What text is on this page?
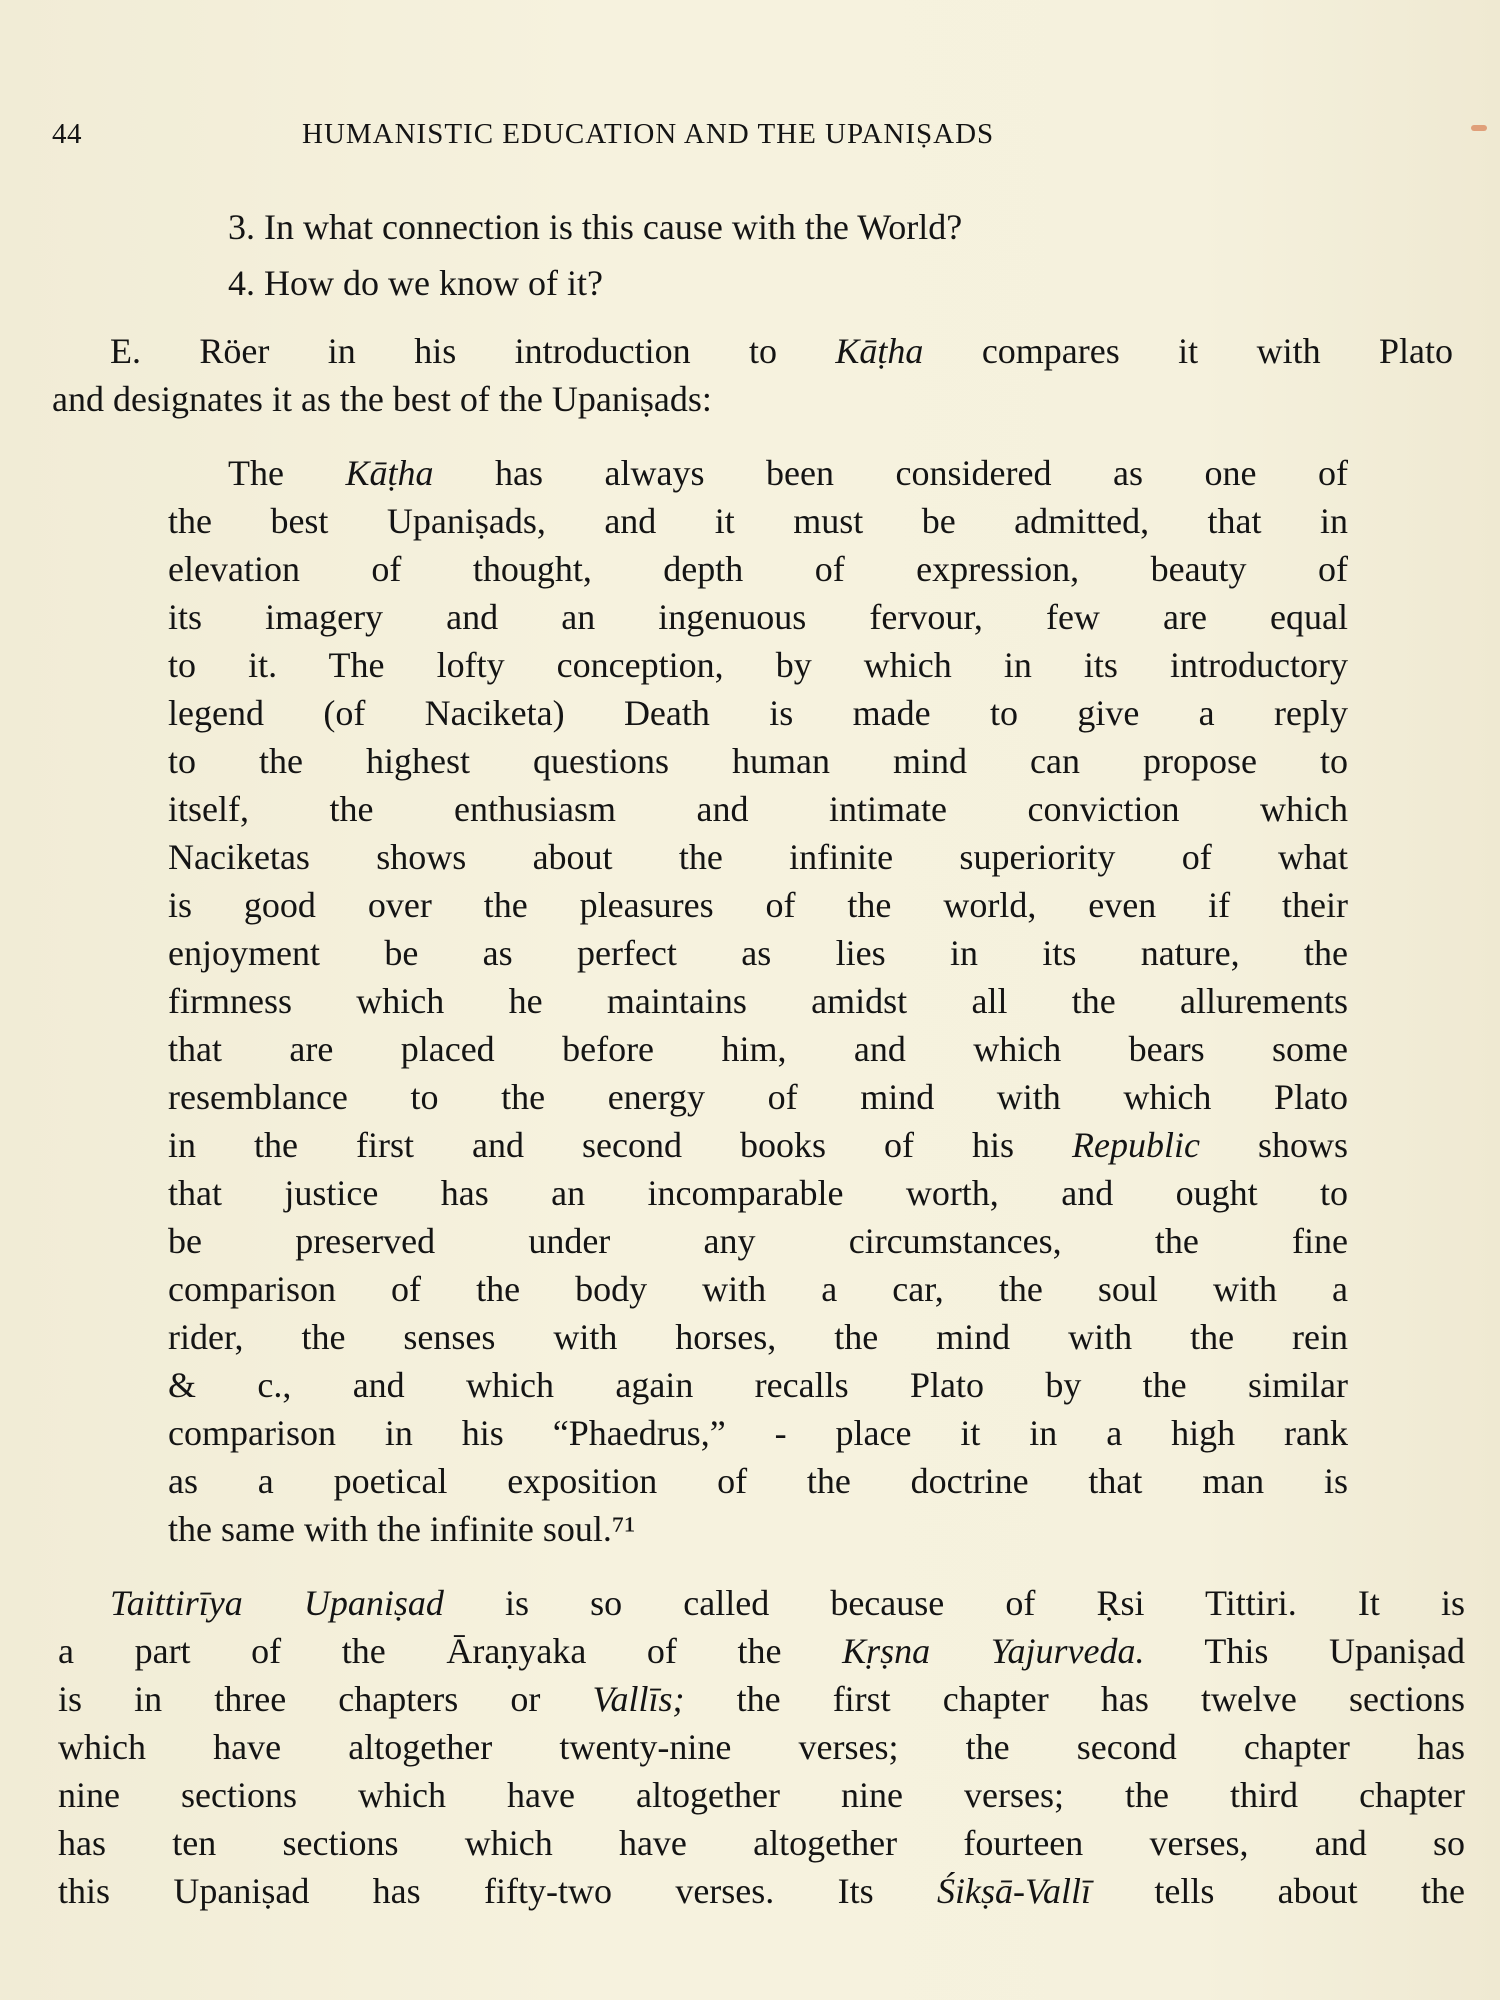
44	HUMANISTIC EDUCATION AND THE UPANIṢADS
3. In what connection is this cause with the World?
4. How do we know of it?
E. Röer in his introduction to Kāṭha compares it with Plato
and designates it as the best of the Upaniṣads:
The Kāṭha has always been considered as one of
the best Upaniṣads, and it must be admitted, that in
elevation of thought, depth of expression, beauty of
its imagery and an ingenuous fervour, few are equal
to it. The lofty conception, by which in its introductory
legend (of Naciketa) Death is made to give a reply
to the highest questions human mind can propose to
itself, the enthusiasm and intimate conviction which
Naciketas shows about the infinite superiority of what
is good over the pleasures of the world, even if their
enjoyment be as perfect as lies in its nature, the
firmness which he maintains amidst all the allurements
that are placed before him, and which bears some
resemblance to the energy of mind with which Plato
in the first and second books of his Republic shows
that justice has an incomparable worth, and ought to
be preserved under any circumstances, the fine
comparison of the body with a car, the soul with a
rider, the senses with horses, the mind with the rein
& c., and which again recalls Plato by the similar
comparison in his “Phaedrus,” - place it in a high rank
as a poetical exposition of the doctrine that man is
the same with the infinite soul.⁷¹
Taittirīya Upaniṣad is so called because of Ṛsi Tittiri. It is
a part of the Āraṇyaka of the Kṛṣna Yajurveda. This Upaniṣad
is in three chapters or Vallīs; the first chapter has twelve sections
which have altogether twenty-nine verses; the second chapter has
nine sections which have altogether nine verses; the third chapter
has ten sections which have altogether fourteen verses, and so
this Upaniṣad has fifty-two verses. Its Śikṣā-Vallī tells about the
